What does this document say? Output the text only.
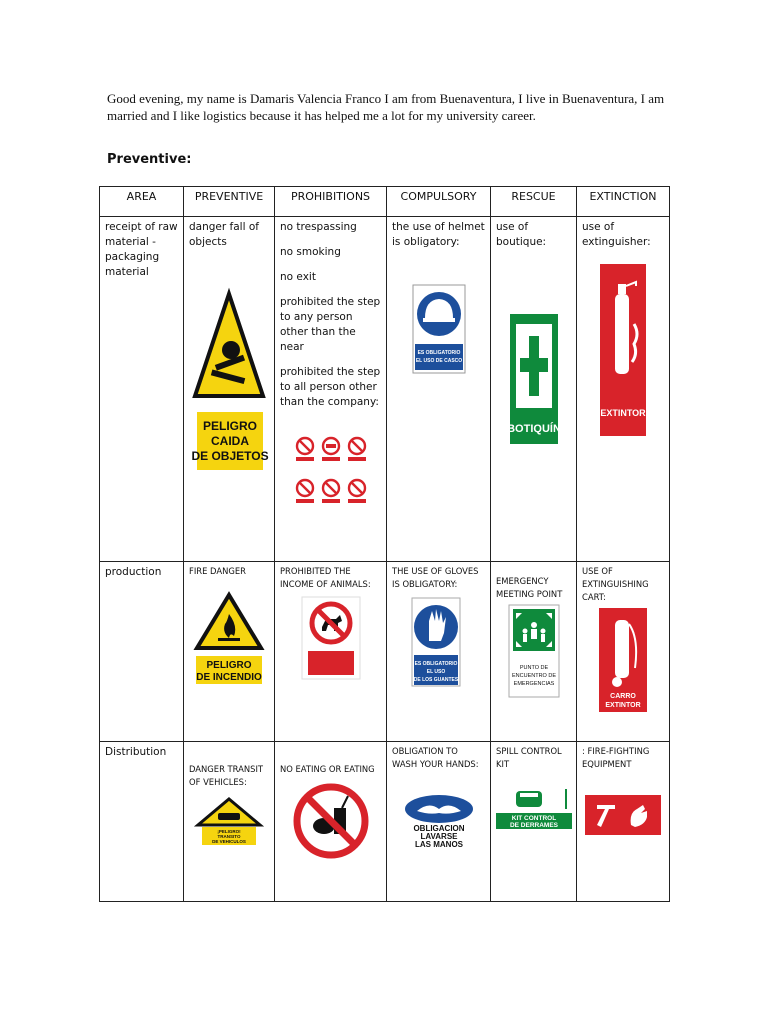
Good evening, my name is Damaris Valencia Franco I am from Buenaventura, I live in Buenaventura, I am married and I like logistics because it has helped me a lot for my university career.

Preventive:

AREA	PREVENTIVE	PROHIBITIONS	COMPULSORY	RESCUE	EXTINCTION

receipt of raw material - packaging material	danger fall of objects
PELIGRO
CAIDA
DE OBJETOS	no trespassing
no smoking
no exit
prohibited the step to any person other than the near
prohibited the step to all person other than the company:	the use of helmet is obligatory:
ES OBLIGATORIO
EL USO DE CASCO	use of boutique:
BOTIQUÍN	use of extinguisher:
EXTINTOR

production	FIRE DANGER
PELIGRO
DE INCENDIO	PROHIBITED THE INCOME OF ANIMALS:	THE USE OF GLOVES IS OBLIGATORY:
ES OBLIGATORIO
EL USO
DE LOS GUANTES	EMERGENCY MEETING POINT
PUNTO DE
ENCUENTRO DE
EMERGENCIAS	USE OF EXTINGUISHING CART:
CARRO
EXTINTOR

Distribution	DANGER TRANSIT OF VEHICLES:
¡PELIGRO!
TRANSITO
DE VEHICULOS	NO EATING OR EATING	OBLIGATION TO WASH YOUR HANDS:
OBLIGACION
LAVARSE
LAS MANOS	SPILL CONTROL KIT
KIT CONTROL
DE DERRAMES	: FIRE-FIGHTING EQUIPMENT
